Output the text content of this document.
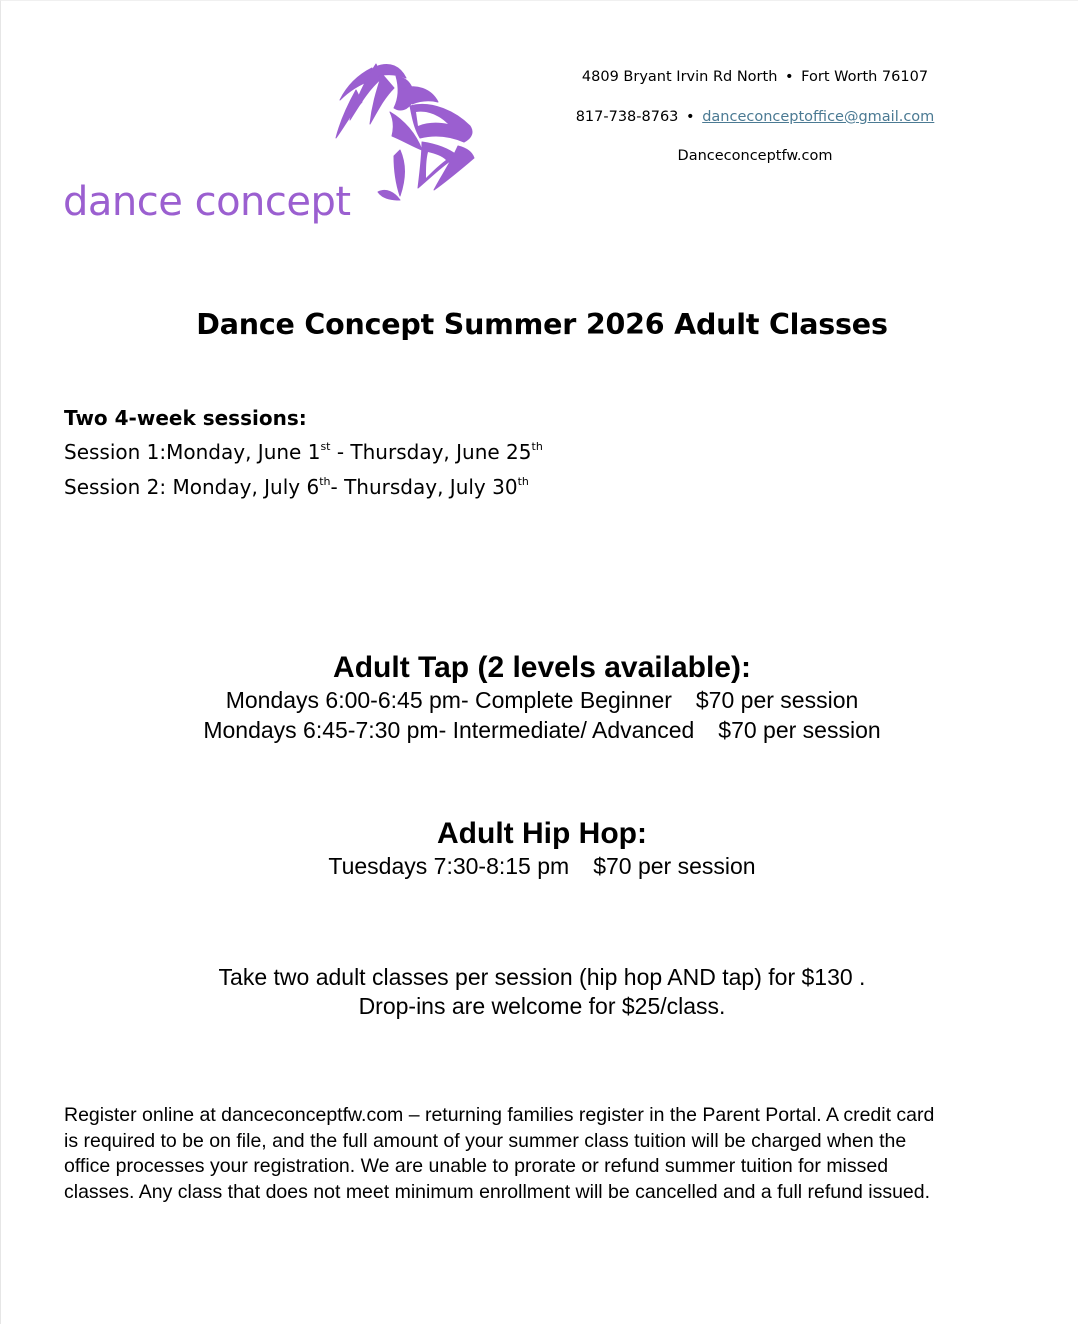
dance concept
4809 Bryant Irvin Rd North • Fort Worth 76107
817-738-8763 • danceconceptoffice@gmail.com
Danceconceptfw.com
Dance Concept Summer 2026 Adult Classes
Two 4-week sessions:
Session 1:Monday, June 1st - Thursday, June 25th
Session 2: Monday, July 6th- Thursday, July 30th
Adult Tap (2 levels available):
Mondays 6:00-6:45 pm- Complete Beginner $70 per session
Mondays 6:45-7:30 pm- Intermediate/ Advanced $70 per session
Adult Hip Hop:
Tuesdays 7:30-8:15 pm $70 per session
Take two adult classes per session (hip hop AND tap) for $130 .
Drop-ins are welcome for $25/class.
Register online at danceconceptfw.com – returning families register in the Parent Portal. A credit card
is required to be on file, and the full amount of your summer class tuition will be charged when the
office processes your registration. We are unable to prorate or refund summer tuition for missed
classes. Any class that does not meet minimum enrollment will be cancelled and a full refund issued.
